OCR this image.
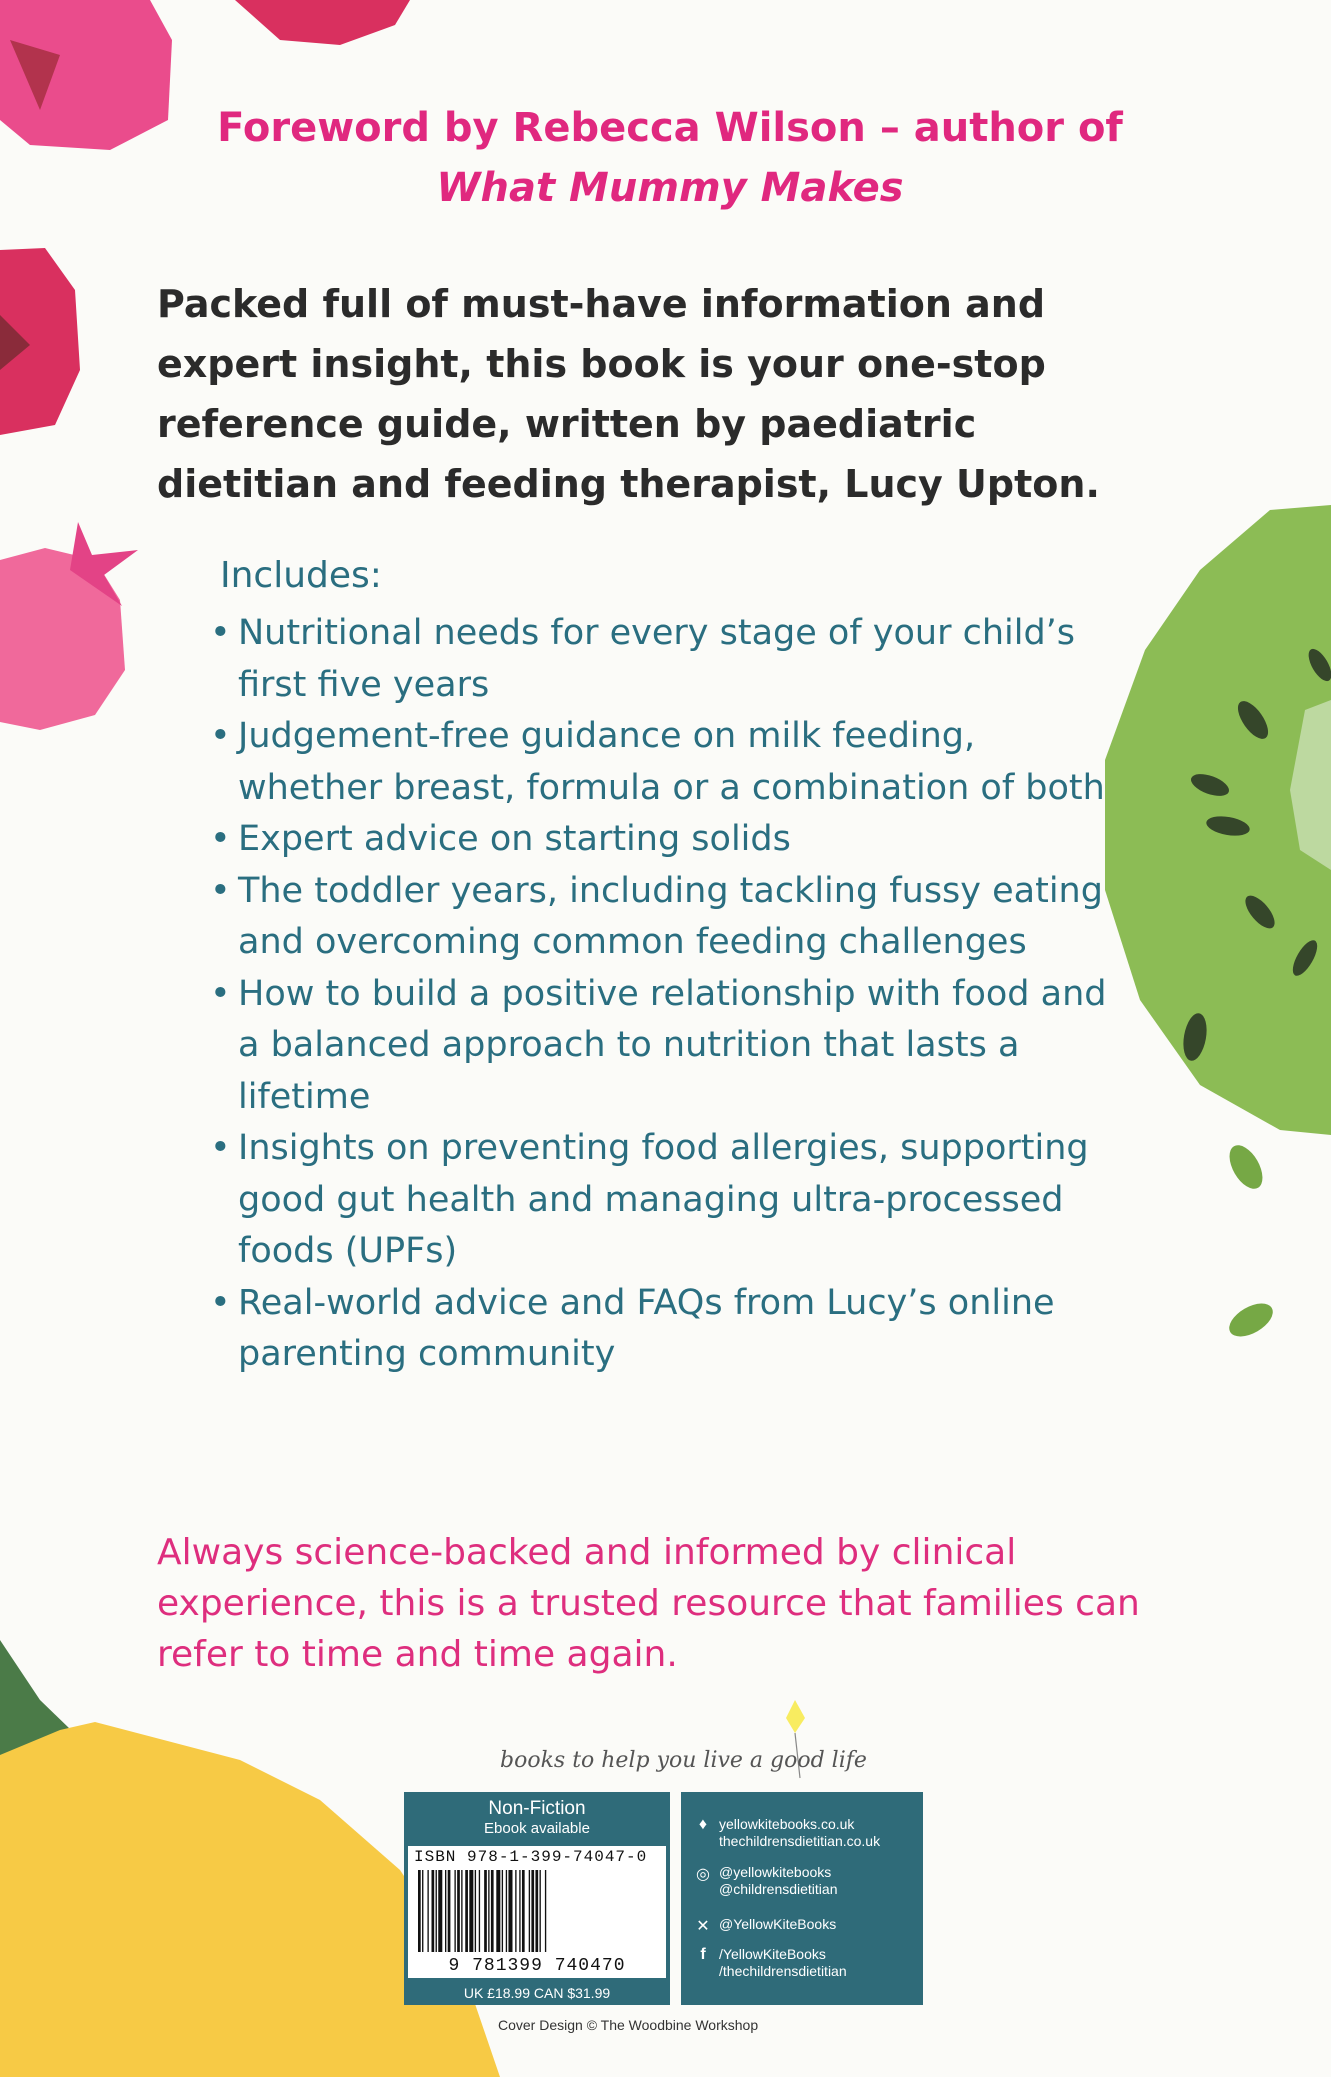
Foreword by Rebecca Wilson – author of
What Mummy Makes
Packed full of must-have information and expert insight, this book is your one-stop reference guide, written by paediatric dietitian and feeding therapist, Lucy Upton.
Includes:
• Nutritional needs for every stage of your child’s first five years
• Judgement-free guidance on milk feeding, whether breast, formula or a combination of both
• Expert advice on starting solids
• The toddler years, including tackling fussy eating and overcoming common feeding challenges
• How to build a positive relationship with food and a balanced approach to nutrition that lasts a lifetime
• Insights on preventing food allergies, supporting good gut health and managing ultra-processed foods (UPFs)
• Real-world advice and FAQs from Lucy’s online parenting community
Always science-backed and informed by clinical experience, this is a trusted resource that families can refer to time and time again.
books to help you live a good life
Non-Fiction
Ebook available
ISBN 978-1-399-74047-0
9 781399 740470
UK £18.99 CAN $31.99
♦ yellowkitebooks.co.uk
thechildrensdietitian.co.uk
◎ @yellowkitebooks
@childrensdietitian
✕ @YellowKiteBooks
f /YellowKiteBooks
/thechildrensdietitian
Cover Design © The Woodbine Workshop
